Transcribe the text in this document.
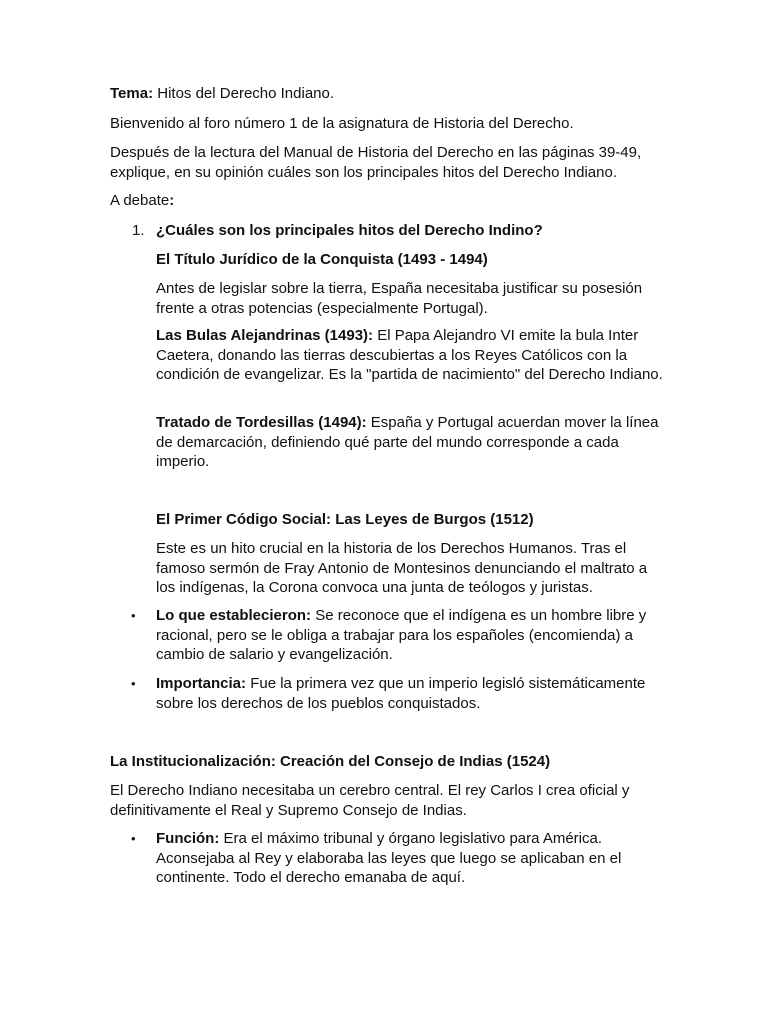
Tema: Hitos del Derecho Indiano.

Bienvenido al foro número 1 de la asignatura de Historia del Derecho.

Después de la lectura del Manual de Historia del Derecho en las páginas 39-49, explique, en su opinión cuáles son los principales hitos del Derecho Indiano.

A debate:

1. ¿Cuáles son los principales hitos del Derecho Indino?

El Título Jurídico de la Conquista (1493 - 1494)

Antes de legislar sobre la tierra, España necesitaba justificar su posesión frente a otras potencias (especialmente Portugal).

Las Bulas Alejandrinas (1493): El Papa Alejandro VI emite la bula Inter Caetera, donando las tierras descubiertas a los Reyes Católicos con la condición de evangelizar. Es la "partida de nacimiento" del Derecho Indiano.

Tratado de Tordesillas (1494): España y Portugal acuerdan mover la línea de demarcación, definiendo qué parte del mundo corresponde a cada imperio.

El Primer Código Social: Las Leyes de Burgos (1512)

Este es un hito crucial en la historia de los Derechos Humanos. Tras el famoso sermón de Fray Antonio de Montesinos denunciando el maltrato a los indígenas, la Corona convoca una junta de teólogos y juristas.

• Lo que establecieron: Se reconoce que el indígena es un hombre libre y racional, pero se le obliga a trabajar para los españoles (encomienda) a cambio de salario y evangelización.

• Importancia: Fue la primera vez que un imperio legisló sistemáticamente sobre los derechos de los pueblos conquistados.

La Institucionalización: Creación del Consejo de Indias (1524)

El Derecho Indiano necesitaba un cerebro central. El rey Carlos I crea oficial y definitivamente el Real y Supremo Consejo de Indias.

• Función: Era el máximo tribunal y órgano legislativo para América. Aconsejaba al Rey y elaboraba las leyes que luego se aplicaban en el continente. Todo el derecho emanaba de aquí.
